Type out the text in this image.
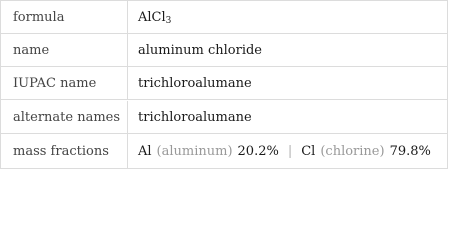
formula	AlCl 3
name	aluminum chloride
IUPAC name	trichloroalumane
alternate names	trichloroalumane
mass fractions	Al (aluminum) 20.2% | Cl (chlorine) 79.8%
